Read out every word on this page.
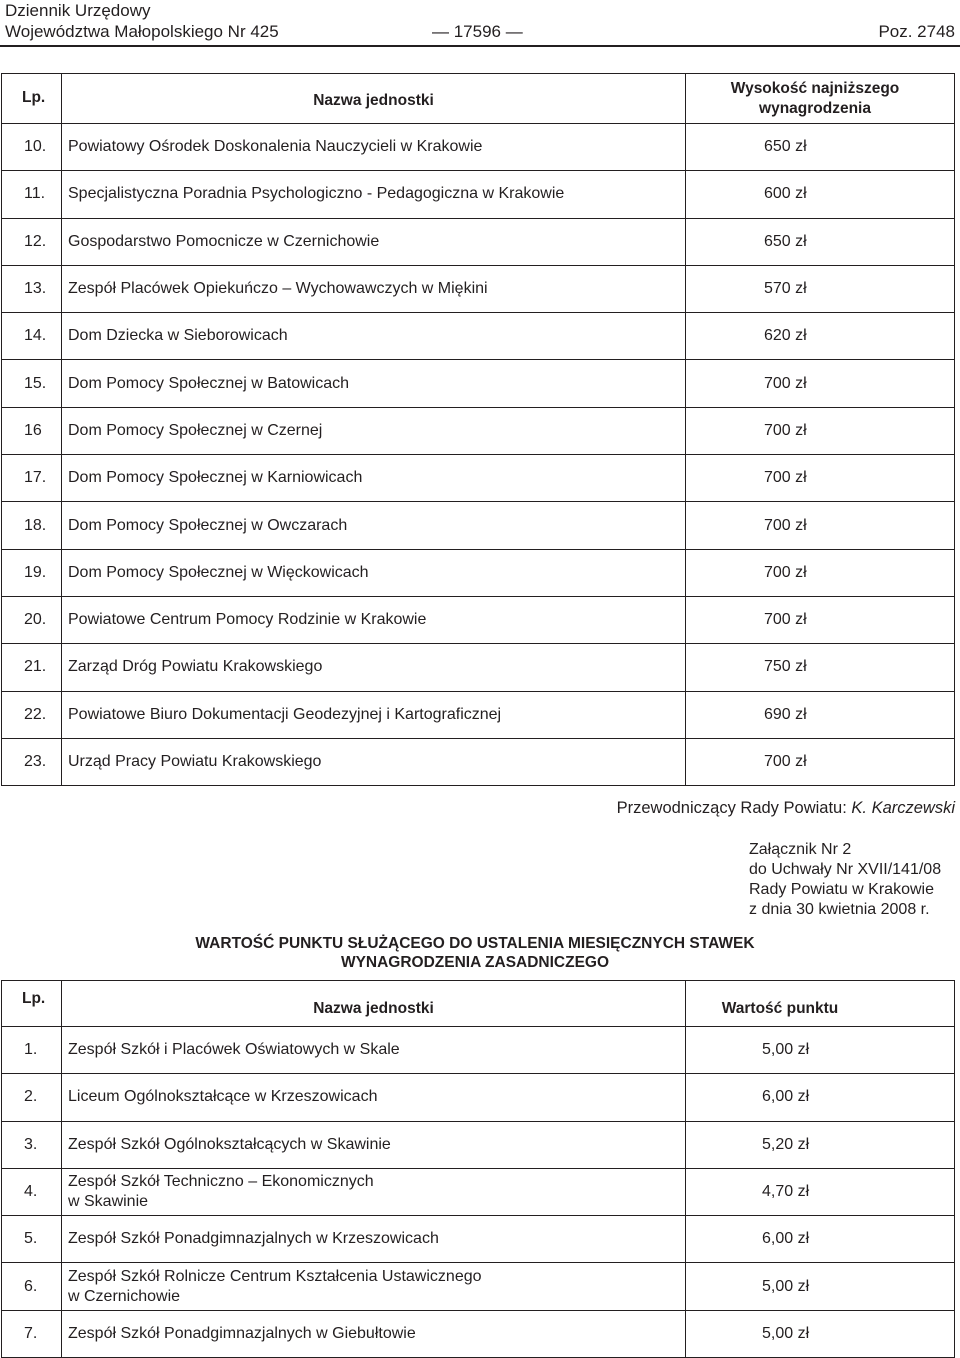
Dziennik Urzędowy
Województwa Małopolskiego Nr 425	— 17596 —	Poz. 2748
Lp.	Nazwa jednostki	Wysokość najniższego wynagrodzenia
10.	Powiatowy Ośrodek Doskonalenia Nauczycieli w Krakowie	650 zł
11.	Specjalistyczna Poradnia Psychologiczno - Pedagogiczna w Krakowie	600 zł
12.	Gospodarstwo Pomocnicze w Czernichowie	650 zł
13.	Zespół Placówek Opiekuńczo – Wychowawczych w Miękini	570 zł
14.	Dom Dziecka w Sieborowicach	620 zł
15.	Dom Pomocy Społecznej w Batowicach	700 zł
16	Dom Pomocy Społecznej w Czernej	700 zł
17.	Dom Pomocy Społecznej w Karniowicach	700 zł
18.	Dom Pomocy Społecznej w Owczarach	700 zł
19.	Dom Pomocy Społecznej w Więckowicach	700 zł
20.	Powiatowe Centrum Pomocy Rodzinie w Krakowie	700 zł
21.	Zarząd Dróg Powiatu Krakowskiego	750 zł
22.	Powiatowe Biuro Dokumentacji Geodezyjnej i Kartograficznej	690 zł
23.	Urząd Pracy Powiatu Krakowskiego	700 zł
Przewodniczący Rady Powiatu: K. Karczewski
Załącznik Nr 2
do Uchwały Nr XVII/141/08
Rady Powiatu w Krakowie
z dnia 30 kwietnia 2008 r.
WARTOŚĆ PUNKTU SŁUŻĄCEGO DO USTALENIA MIESIĘCZNYCH STAWEK
WYNAGRODZENIA ZASADNICZEGO
Lp.	Nazwa jednostki	Wartość punktu
1.	Zespół Szkół i Placówek Oświatowych w Skale	5,00 zł
2.	Liceum Ogólnokształcące w Krzeszowicach	6,00 zł
3.	Zespół Szkół Ogólnokształcących w Skawinie	5,20 zł
4.	Zespół Szkół Techniczno – Ekonomicznych
w Skawinie	4,70 zł
5.	Zespół Szkół Ponadgimnazjalnych w Krzeszowicach	6,00 zł
6.	Zespół Szkół Rolnicze Centrum Kształcenia Ustawicznego
w Czernichowie	5,00 zł
7.	Zespół Szkół Ponadgimnazjalnych w Giebułtowie	5,00 zł
